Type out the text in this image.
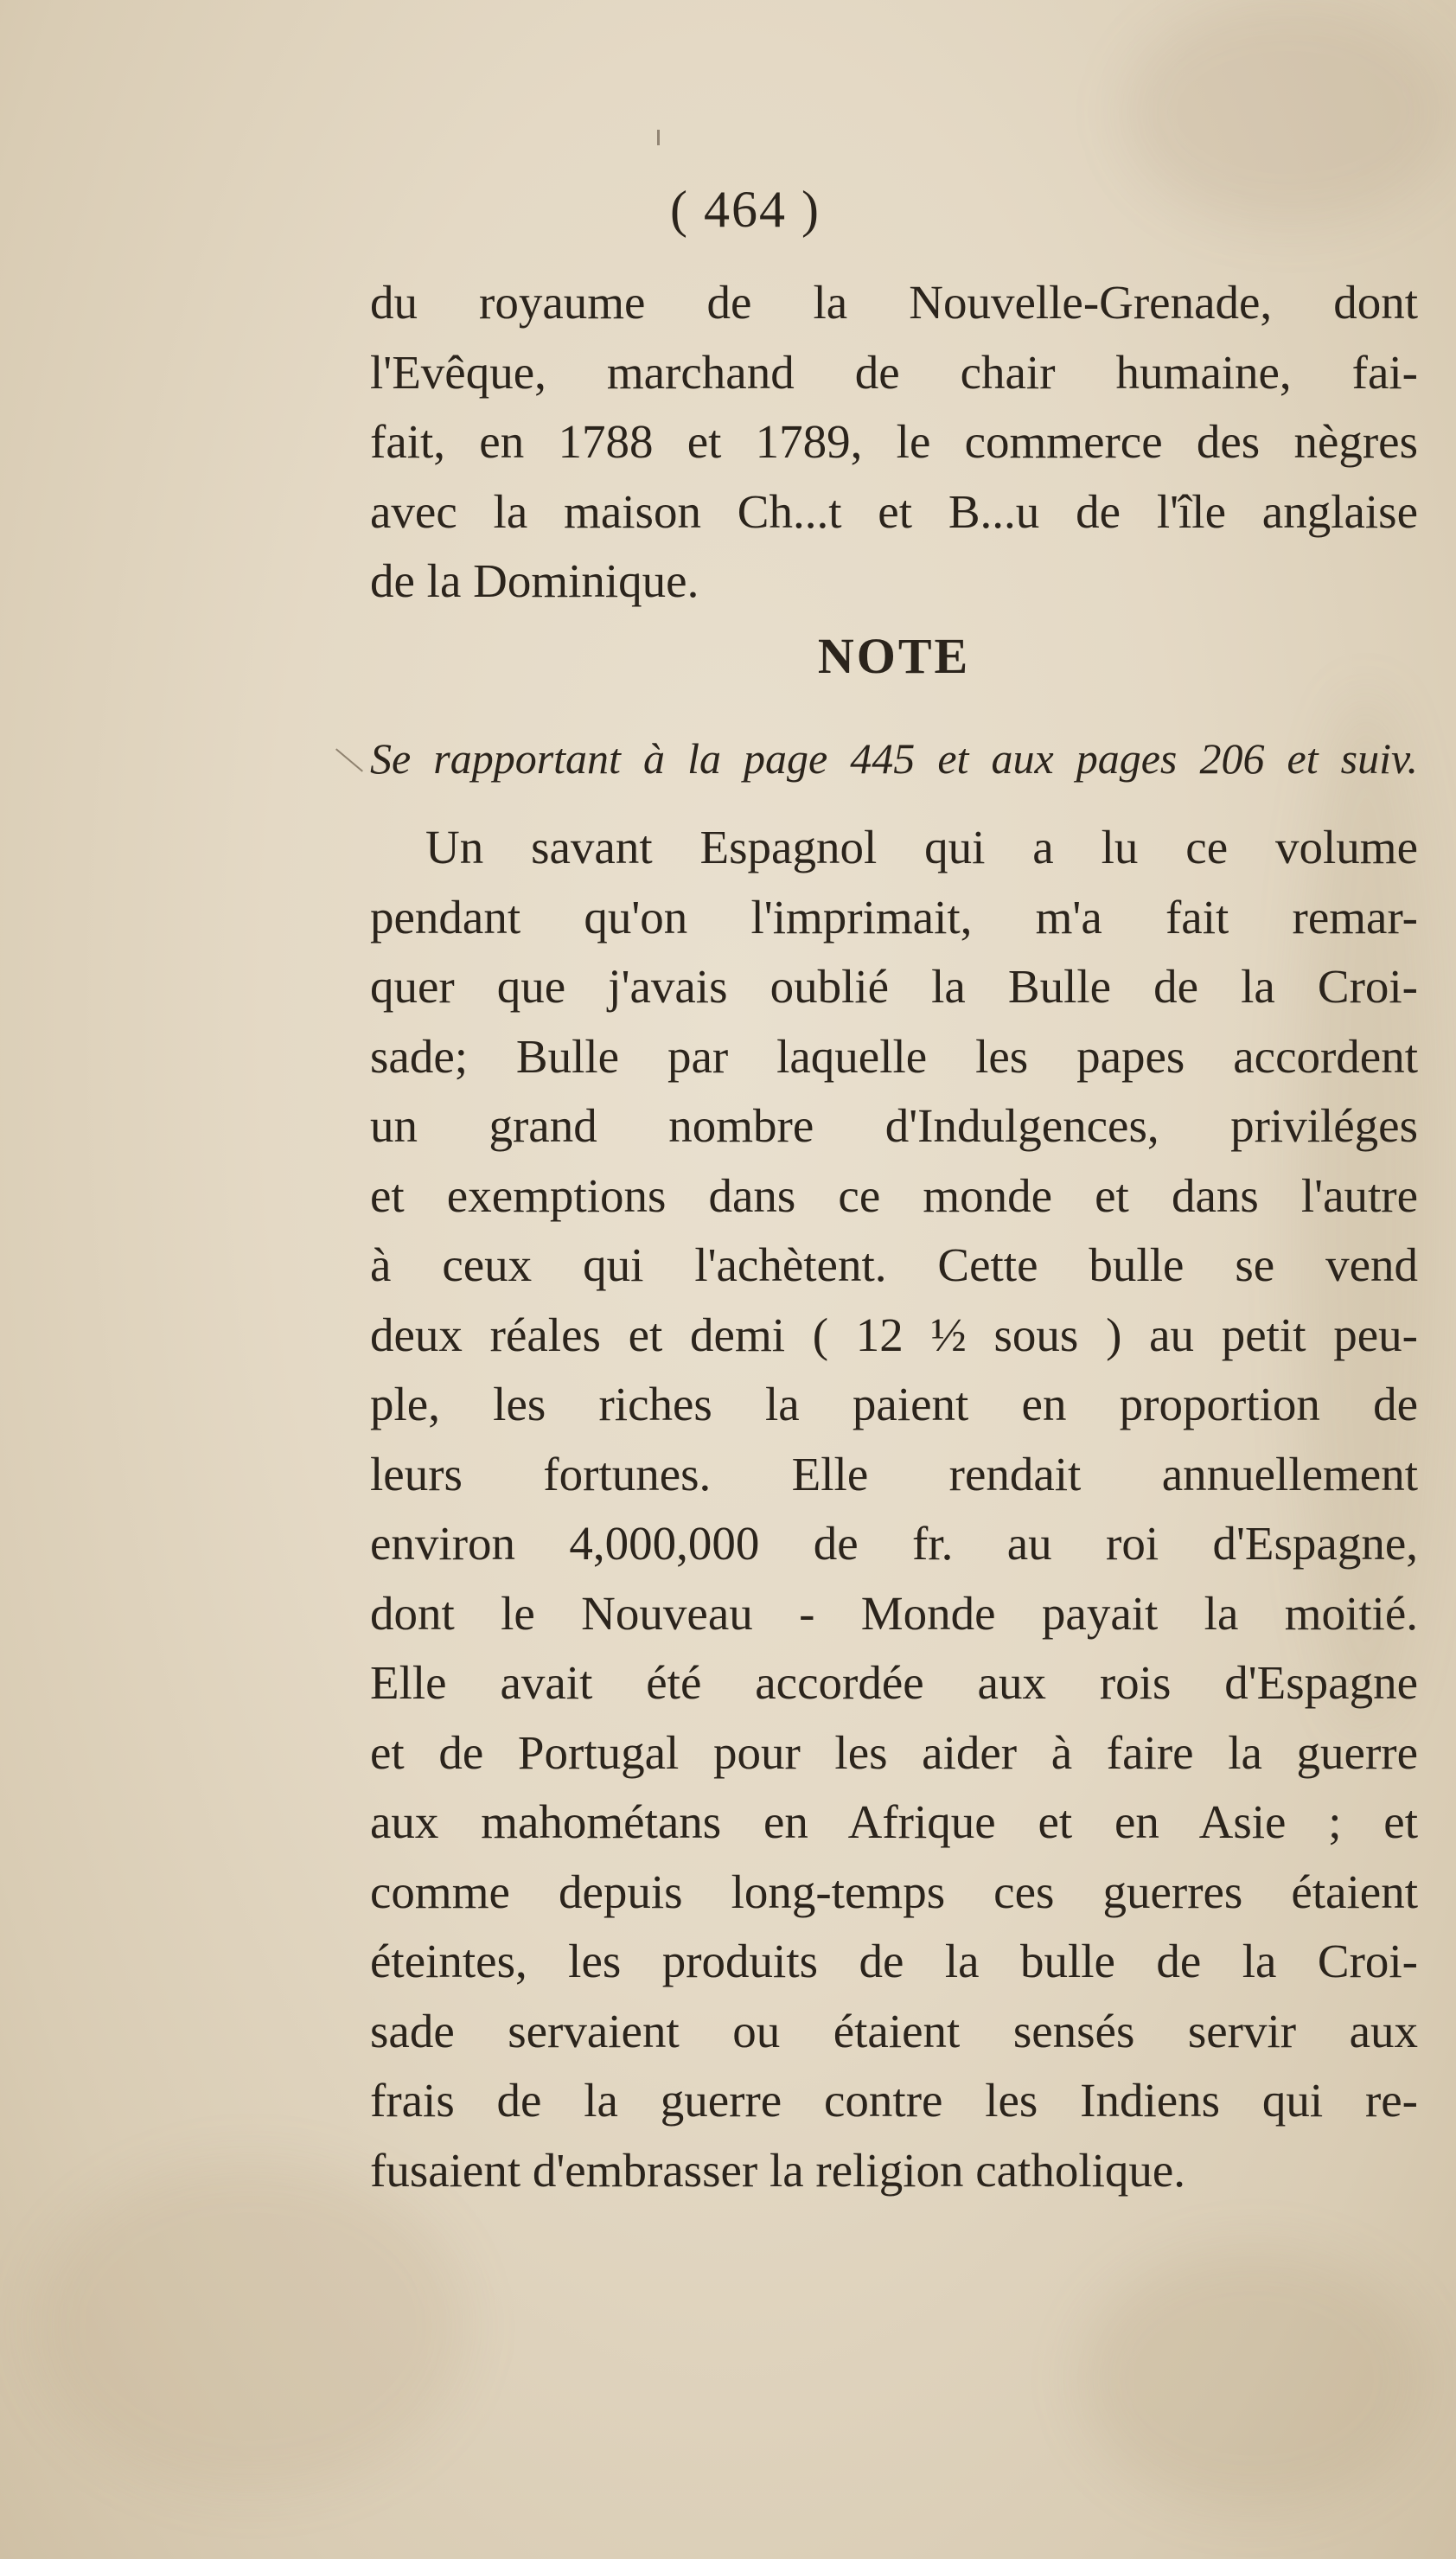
( 464 )
du royaume de la Nouvelle-Grenade, dont
l'Evêque, marchand de chair humaine, fai-
fait, en 1788 et 1789, le commerce des nègres
avec la maison Ch...t et B...u de l'île anglaise
de la Dominique.
NOTE
Se rapportant à la page 445 et aux pages 206 et suiv.
Un savant Espagnol qui a lu ce volume
pendant qu'on l'imprimait, m'a fait remar-
quer que j'avais oublié la Bulle de la Croi-
sade; Bulle par laquelle les papes accordent
un grand nombre d'Indulgences, priviléges
et exemptions dans ce monde et dans l'autre
à ceux qui l'achètent. Cette bulle se vend
deux réales et demi ( 12 ½ sous ) au petit peu-
ple, les riches la paient en proportion de
leurs fortunes. Elle rendait annuellement
environ 4,000,000 de fr. au roi d'Espagne,
dont le Nouveau - Monde payait la moitié.
Elle avait été accordée aux rois d'Espagne
et de Portugal pour les aider à faire la guerre
aux mahométans en Afrique et en Asie ; et
comme depuis long-temps ces guerres étaient
éteintes, les produits de la bulle de la Croi-
sade servaient ou étaient sensés servir aux
frais de la guerre contre les Indiens qui re-
fusaient d'embrasser la religion catholique.
